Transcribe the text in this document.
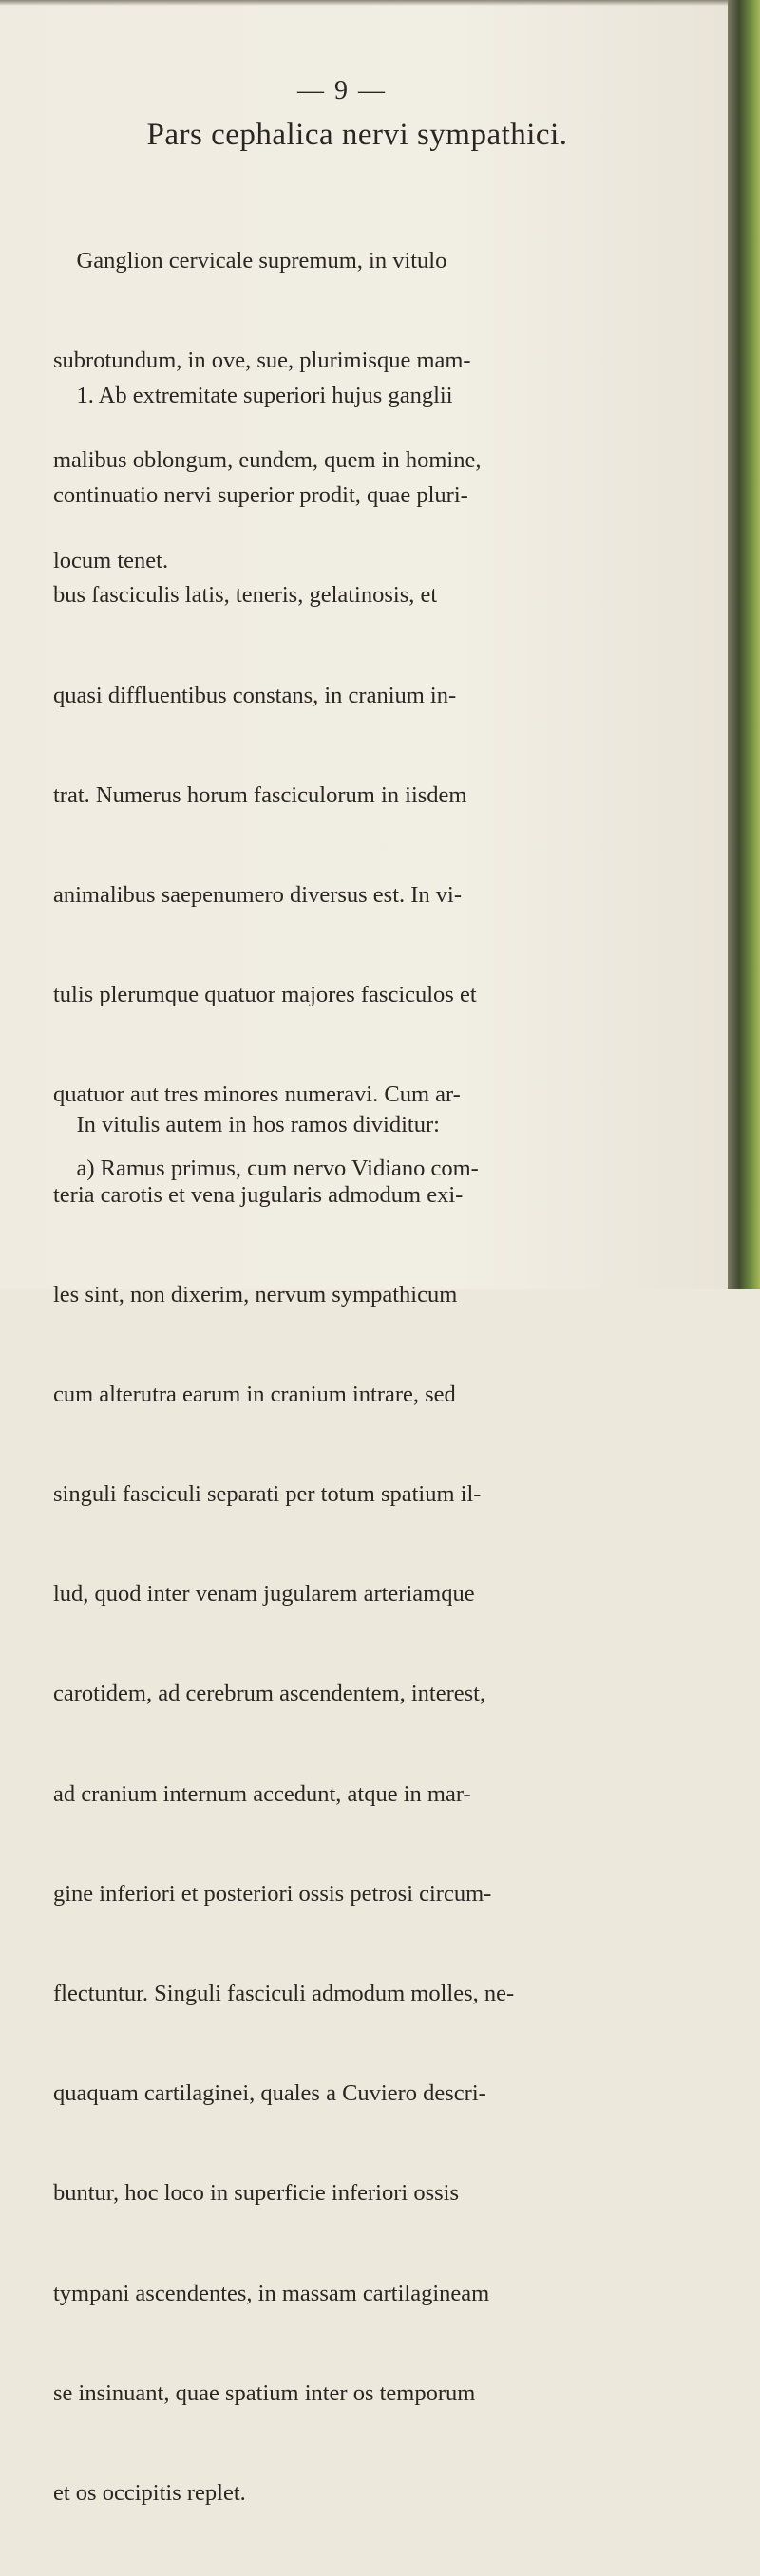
— 9 —
Pars cephalica nervi sympathici.

Ganglion cervicale supremum, in vitulo

subrotundum, in ove, sue, plurimisque mam-

malibus oblongum, eundem, quem in homine,

locum tenet.

1. Ab extremitate superiori hujus ganglii

continuatio nervi superior prodit, quae pluri-

bus fasciculis latis, teneris, gelatinosis, et

quasi diffluentibus constans, in cranium in-

trat. Numerus horum fasciculorum in iisdem

animalibus saepenumero diversus est. In vi-

tulis plerumque quatuor majores fasciculos et

quatuor aut tres minores numeravi. Cum ar-

teria carotis et vena jugularis admodum exi-

les sint, non dixerim, nervum sympathicum

cum alterutra earum in cranium intrare, sed

singuli fasciculi separati per totum spatium il-

lud, quod inter venam jugularem arteriamque

carotidem, ad cerebrum ascendentem, interest,

ad cranium internum accedunt, atque in mar-

gine inferiori et posteriori ossis petrosi circum-

flectuntur. Singuli fasciculi admodum molles, ne-

quaquam cartilaginei, quales a Cuviero descri-

buntur, hoc loco in superficie inferiori ossis

tympani ascendentes, in massam cartilagineam

se insinuant, quae spatium inter os temporum

et os occipitis replet.

In vitulis autem in hos ramos dividitur:

a) Ramus primus, cum nervo Vidiano com-
